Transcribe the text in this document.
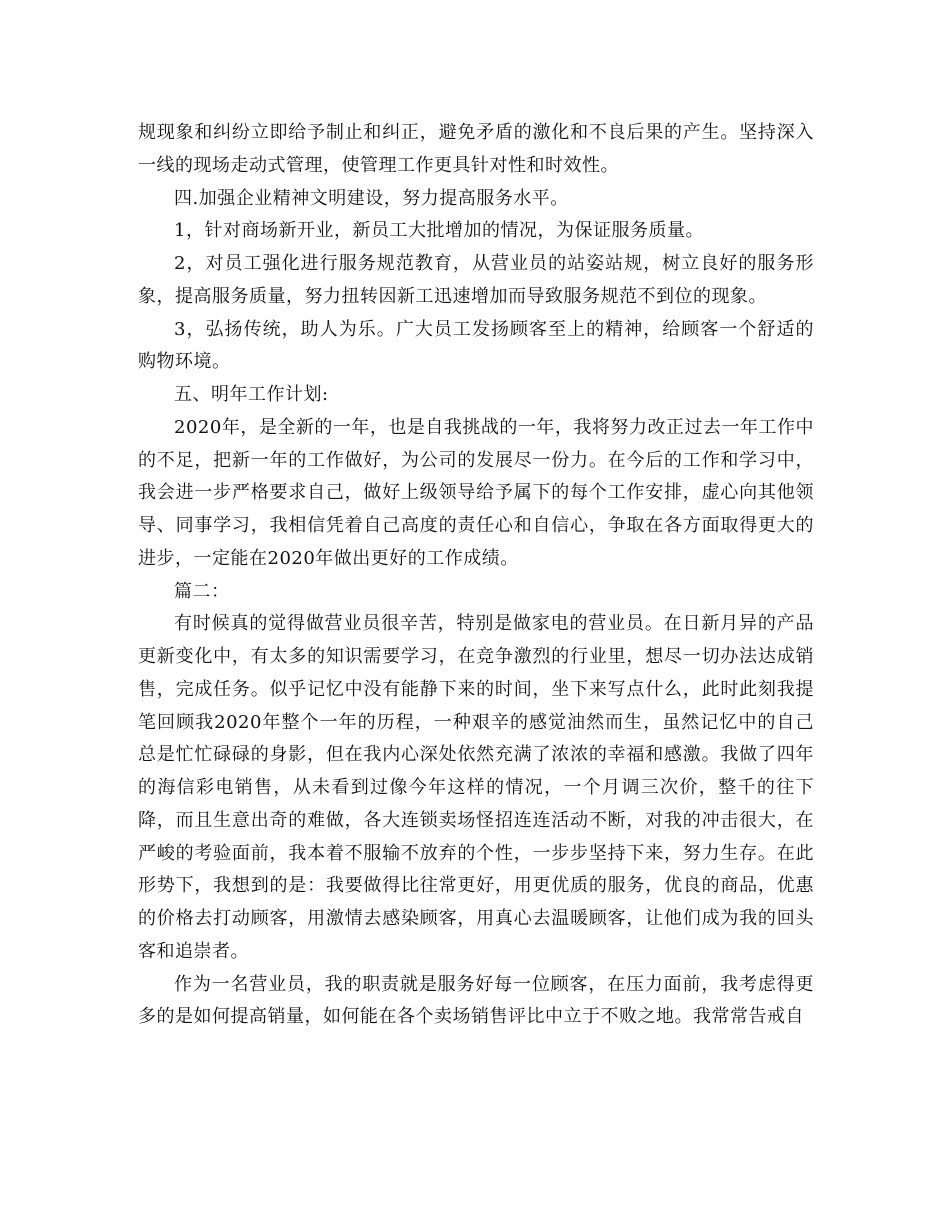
规现象和纠纷立即给予制止和纠正，避免矛盾的激化和不良后果的产生。坚持深入一线的现场走动式管理，使管理工作更具针对性和时效性。

四.加强企业精神文明建设，努力提高服务水平。

1，针对商场新开业，新员工大批增加的情况，为保证服务质量。

2，对员工强化进行服务规范教育，从营业员的站姿站规，树立良好的服务形象，提高服务质量，努力扭转因新工迅速增加而导致服务规范不到位的现象。

3，弘扬传统，助人为乐。广大员工发扬顾客至上的精神，给顾客一个舒适的购物环境。

五、明年工作计划:

2020年，是全新的一年，也是自我挑战的一年，我将努力改正过去一年工作中的不足，把新一年的工作做好，为公司的发展尽一份力。在今后的工作和学习中，我会进一步严格要求自己，做好上级领导给予属下的每个工作安排，虚心向其他领导、同事学习，我相信凭着自己高度的责任心和自信心，争取在各方面取得更大的进步，一定能在2020年做出更好的工作成绩。

篇二：

有时候真的觉得做营业员很辛苦，特别是做家电的营业员。在日新月异的产品更新变化中，有太多的知识需要学习，在竞争激烈的行业里，想尽一切办法达成销售，完成任务。似乎记忆中没有能静下来的时间，坐下来写点什么，此时此刻我提笔回顾我2020年整个一年的历程，一种艰辛的感觉油然而生，虽然记忆中的自己总是忙忙碌碌的身影，但在我内心深处依然充满了浓浓的幸福和感激。我做了四年的海信彩电销售，从未看到过像今年这样的情况，一个月调三次价，整千的往下降，而且生意出奇的难做，各大连锁卖场怪招连连活动不断，对我的冲击很大，在严峻的考验面前，我本着不服输不放弃的个性，一步步坚持下来，努力生存。在此形势下，我想到的是：我要做得比往常更好，用更优质的服务，优良的商品，优惠的价格去打动顾客，用激情去感染顾客，用真心去温暖顾客，让他们成为我的回头客和追崇者。

作为一名营业员，我的职责就是服务好每一位顾客，在压力面前，我考虑得更多的是如何提高销量，如何能在各个卖场销售评比中立于不败之地。我常常告戒自
